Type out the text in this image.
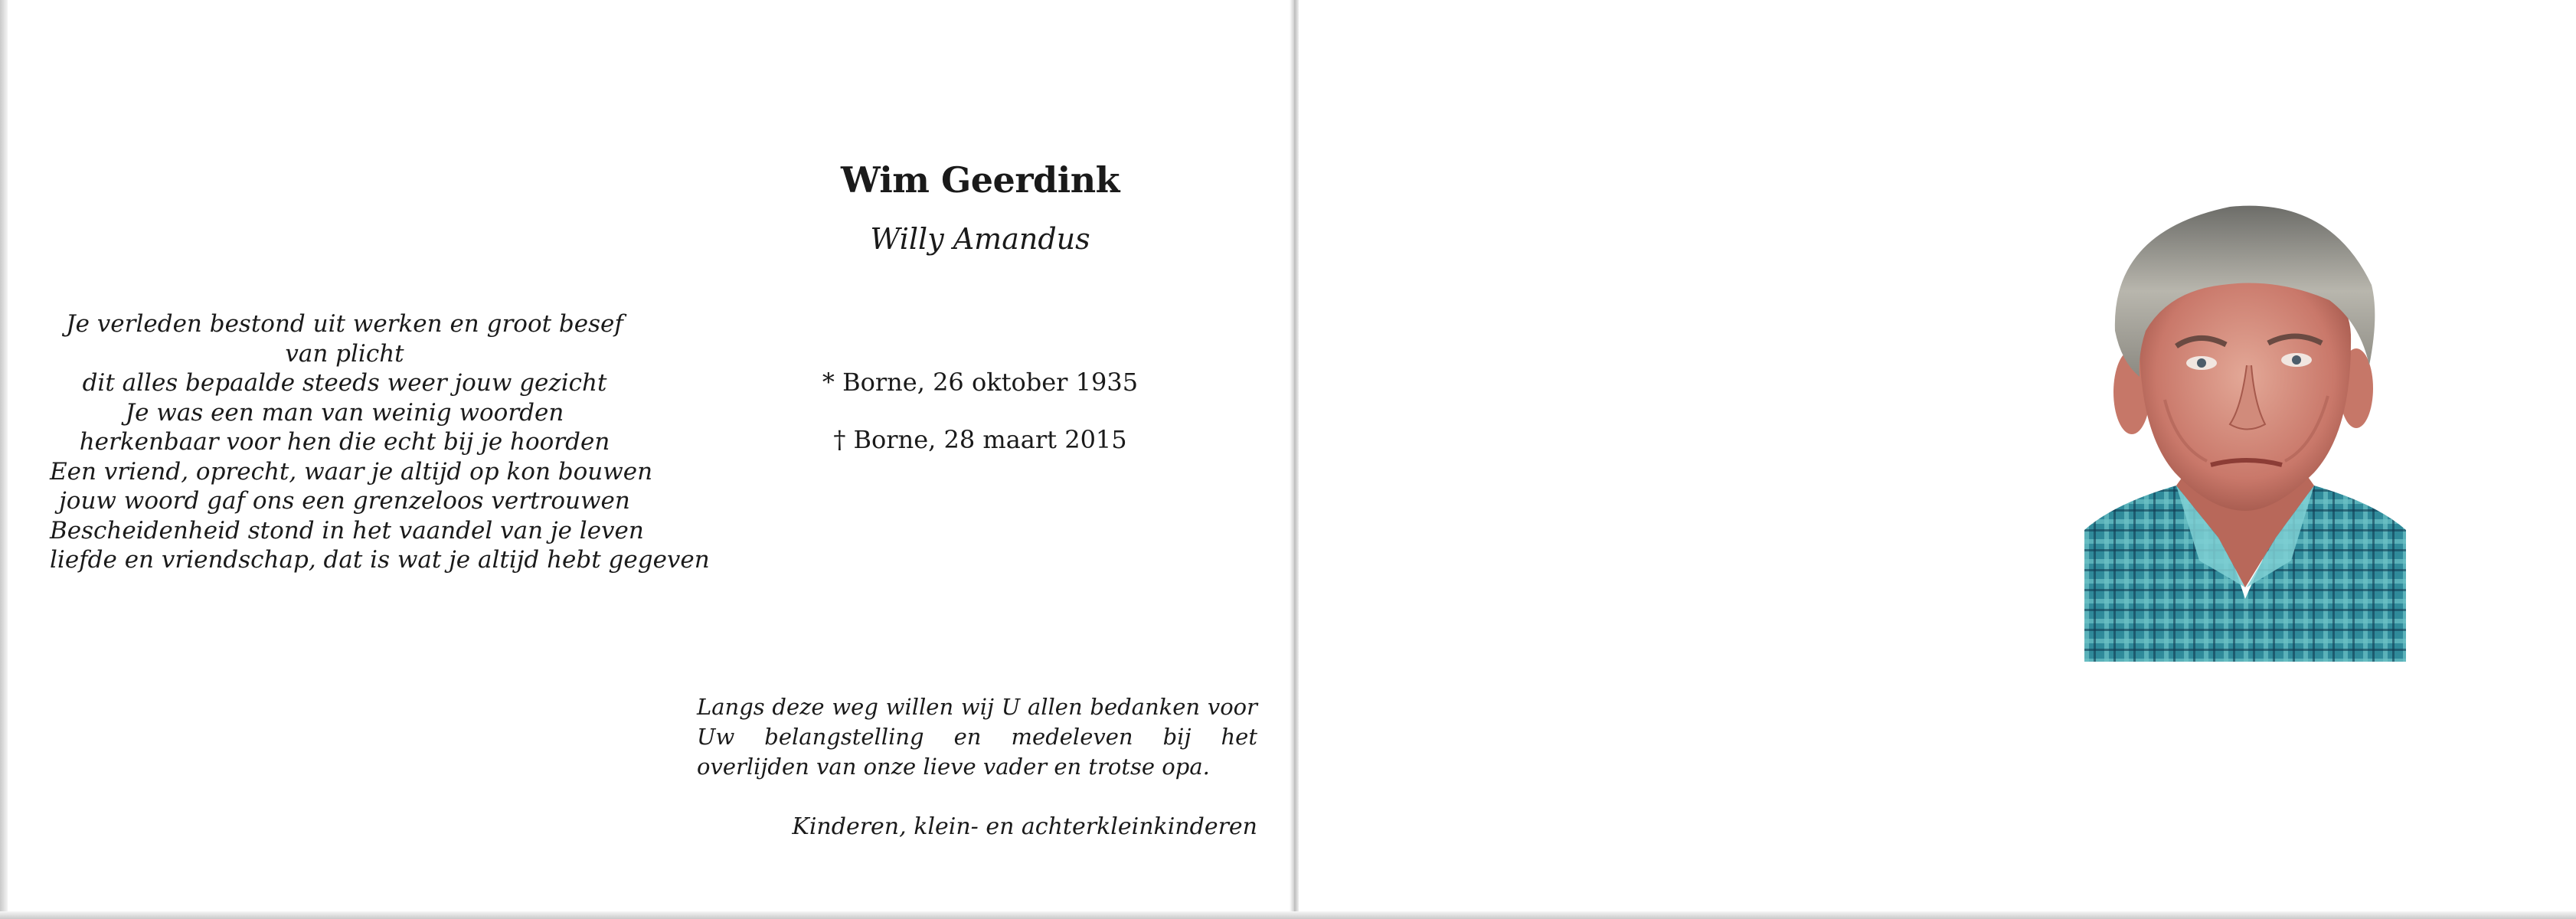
Je verleden bestond uit werken en groot besef
van plicht
dit alles bepaalde steeds weer jouw gezicht
Je was een man van weinig woorden
herkenbaar voor hen die echt bij je hoorden
Een vriend, oprecht, waar je altijd op kon bouwen
jouw woord gaf ons een grenzeloos vertrouwen
Bescheidenheid stond in het vaandel van je leven
liefde en vriendschap, dat is wat je altijd hebt gegeven
Wim Geerdink
Willy Amandus
* Borne, 26 oktober 1935
† Borne, 28 maart 2015
Langs deze weg willen wij U allen bedanken voor Uw belangstelling en medeleven bij het overlijden van onze lieve vader en trotse opa.
Kinderen, klein- en achterkleinkinderen
